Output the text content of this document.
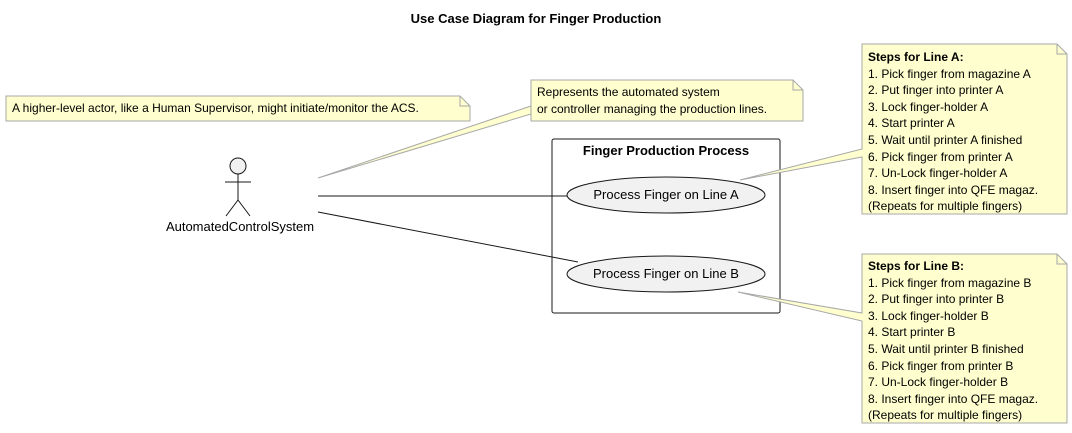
Use Case Diagram for Finger Production
Finger Production Process
Process Finger on Line A
Process Finger on Line B
AutomatedControlSystem
A higher-level actor, like a Human Supervisor, might initiate/monitor the ACS.
Represents the automated system
or controller managing the production lines.
Steps for Line A:
1. Pick finger from magazine A
2. Put finger into printer A
3. Lock finger-holder A
4. Start printer A
5. Wait until printer A finished
6. Pick finger from printer A
7. Un-Lock finger-holder A
8. Insert finger into QFE magaz.
(Repeats for multiple fingers)
Steps for Line B:
1. Pick finger from magazine B
2. Put finger into printer B
3. Lock finger-holder B
4. Start printer B
5. Wait until printer B finished
6. Pick finger from printer B
7. Un-Lock finger-holder B
8. Insert finger into QFE magaz.
(Repeats for multiple fingers)
